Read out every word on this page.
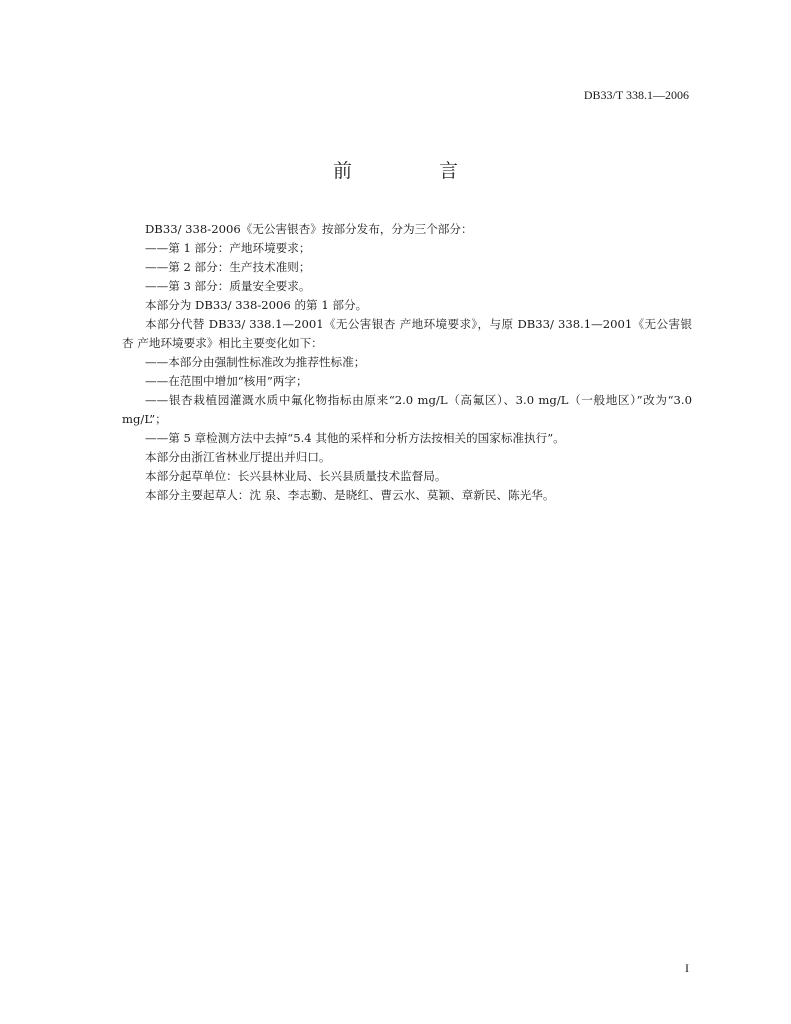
DB33/T 338.1—2006
前　言

DB33/ 338-2006《无公害银杏》按部分发布，分为三个部分：

——第 1 部分：产地环境要求；

——第 2 部分：生产技术准则；

——第 3 部分：质量安全要求。

本部分为 DB33/ 338-2006 的第 1 部分。

本部分代替 DB33/ 338.1—2001《无公害银杏 产地环境要求》，与原 DB33/ 338.1—2001《无公害银杏 产地环境要求》相比主要变化如下：

——本部分由强制性标准改为推荐性标准；

——在范围中增加“核用”两字；

——银杏栽植园灌溉水质中氟化物指标由原来“2.0 mg/L（高氟区）、3.0 mg/L（一般地区）”改为“3.0 mg/L”；

——第 5 章检测方法中去掉“5.4 其他的采样和分析方法按相关的国家标准执行”。

本部分由浙江省林业厅提出并归口。

本部分起草单位：长兴县林业局、长兴县质量技术监督局。

本部分主要起草人：沈 泉、李志勤、是晓红、曹云水、莫颖、章新民、陈光华。

I
